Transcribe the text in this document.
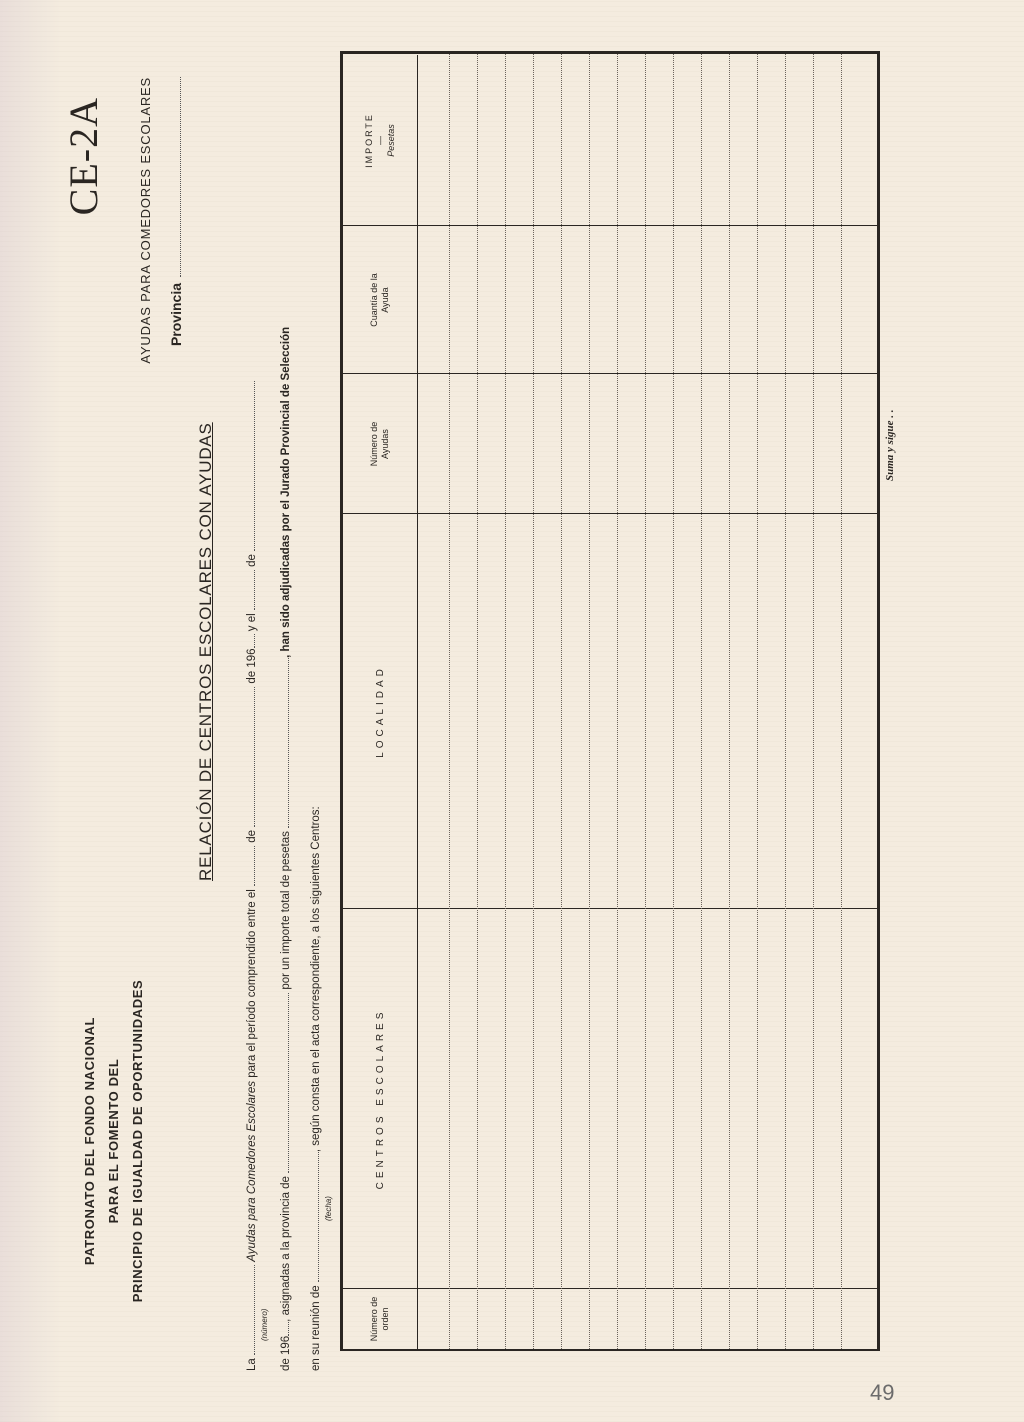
PATRONATO DEL FONDO NACIONAL PARA EL FOMENTO DEL PRINCIPIO DE IGUALDAD DE OPORTUNIDADES
CE-2A AYUDAS PARA COMEDORES ESCOLARES Provincia
RELACIÓN DE CENTROS ESCOLARES CON AYUDAS
La  Ayudas para Comedores Escolares para el período comprendido entre el  de  de 196 y el  de
(número)
de 196, asignadas a la provincia de  por un importe total de pesetas , han sido adjudicadas por el Jurado Provincial de Selección
en su reunión de , según consta en el acta correspondiente, a los siguientes Centros:
(fecha)
Número de orden
CENTROS ESCOLARES
LOCALIDAD
Número de Ayudas
Cuantía de la Ayuda
IMPORTE — Pesetas
Suma y sigue . .
49
